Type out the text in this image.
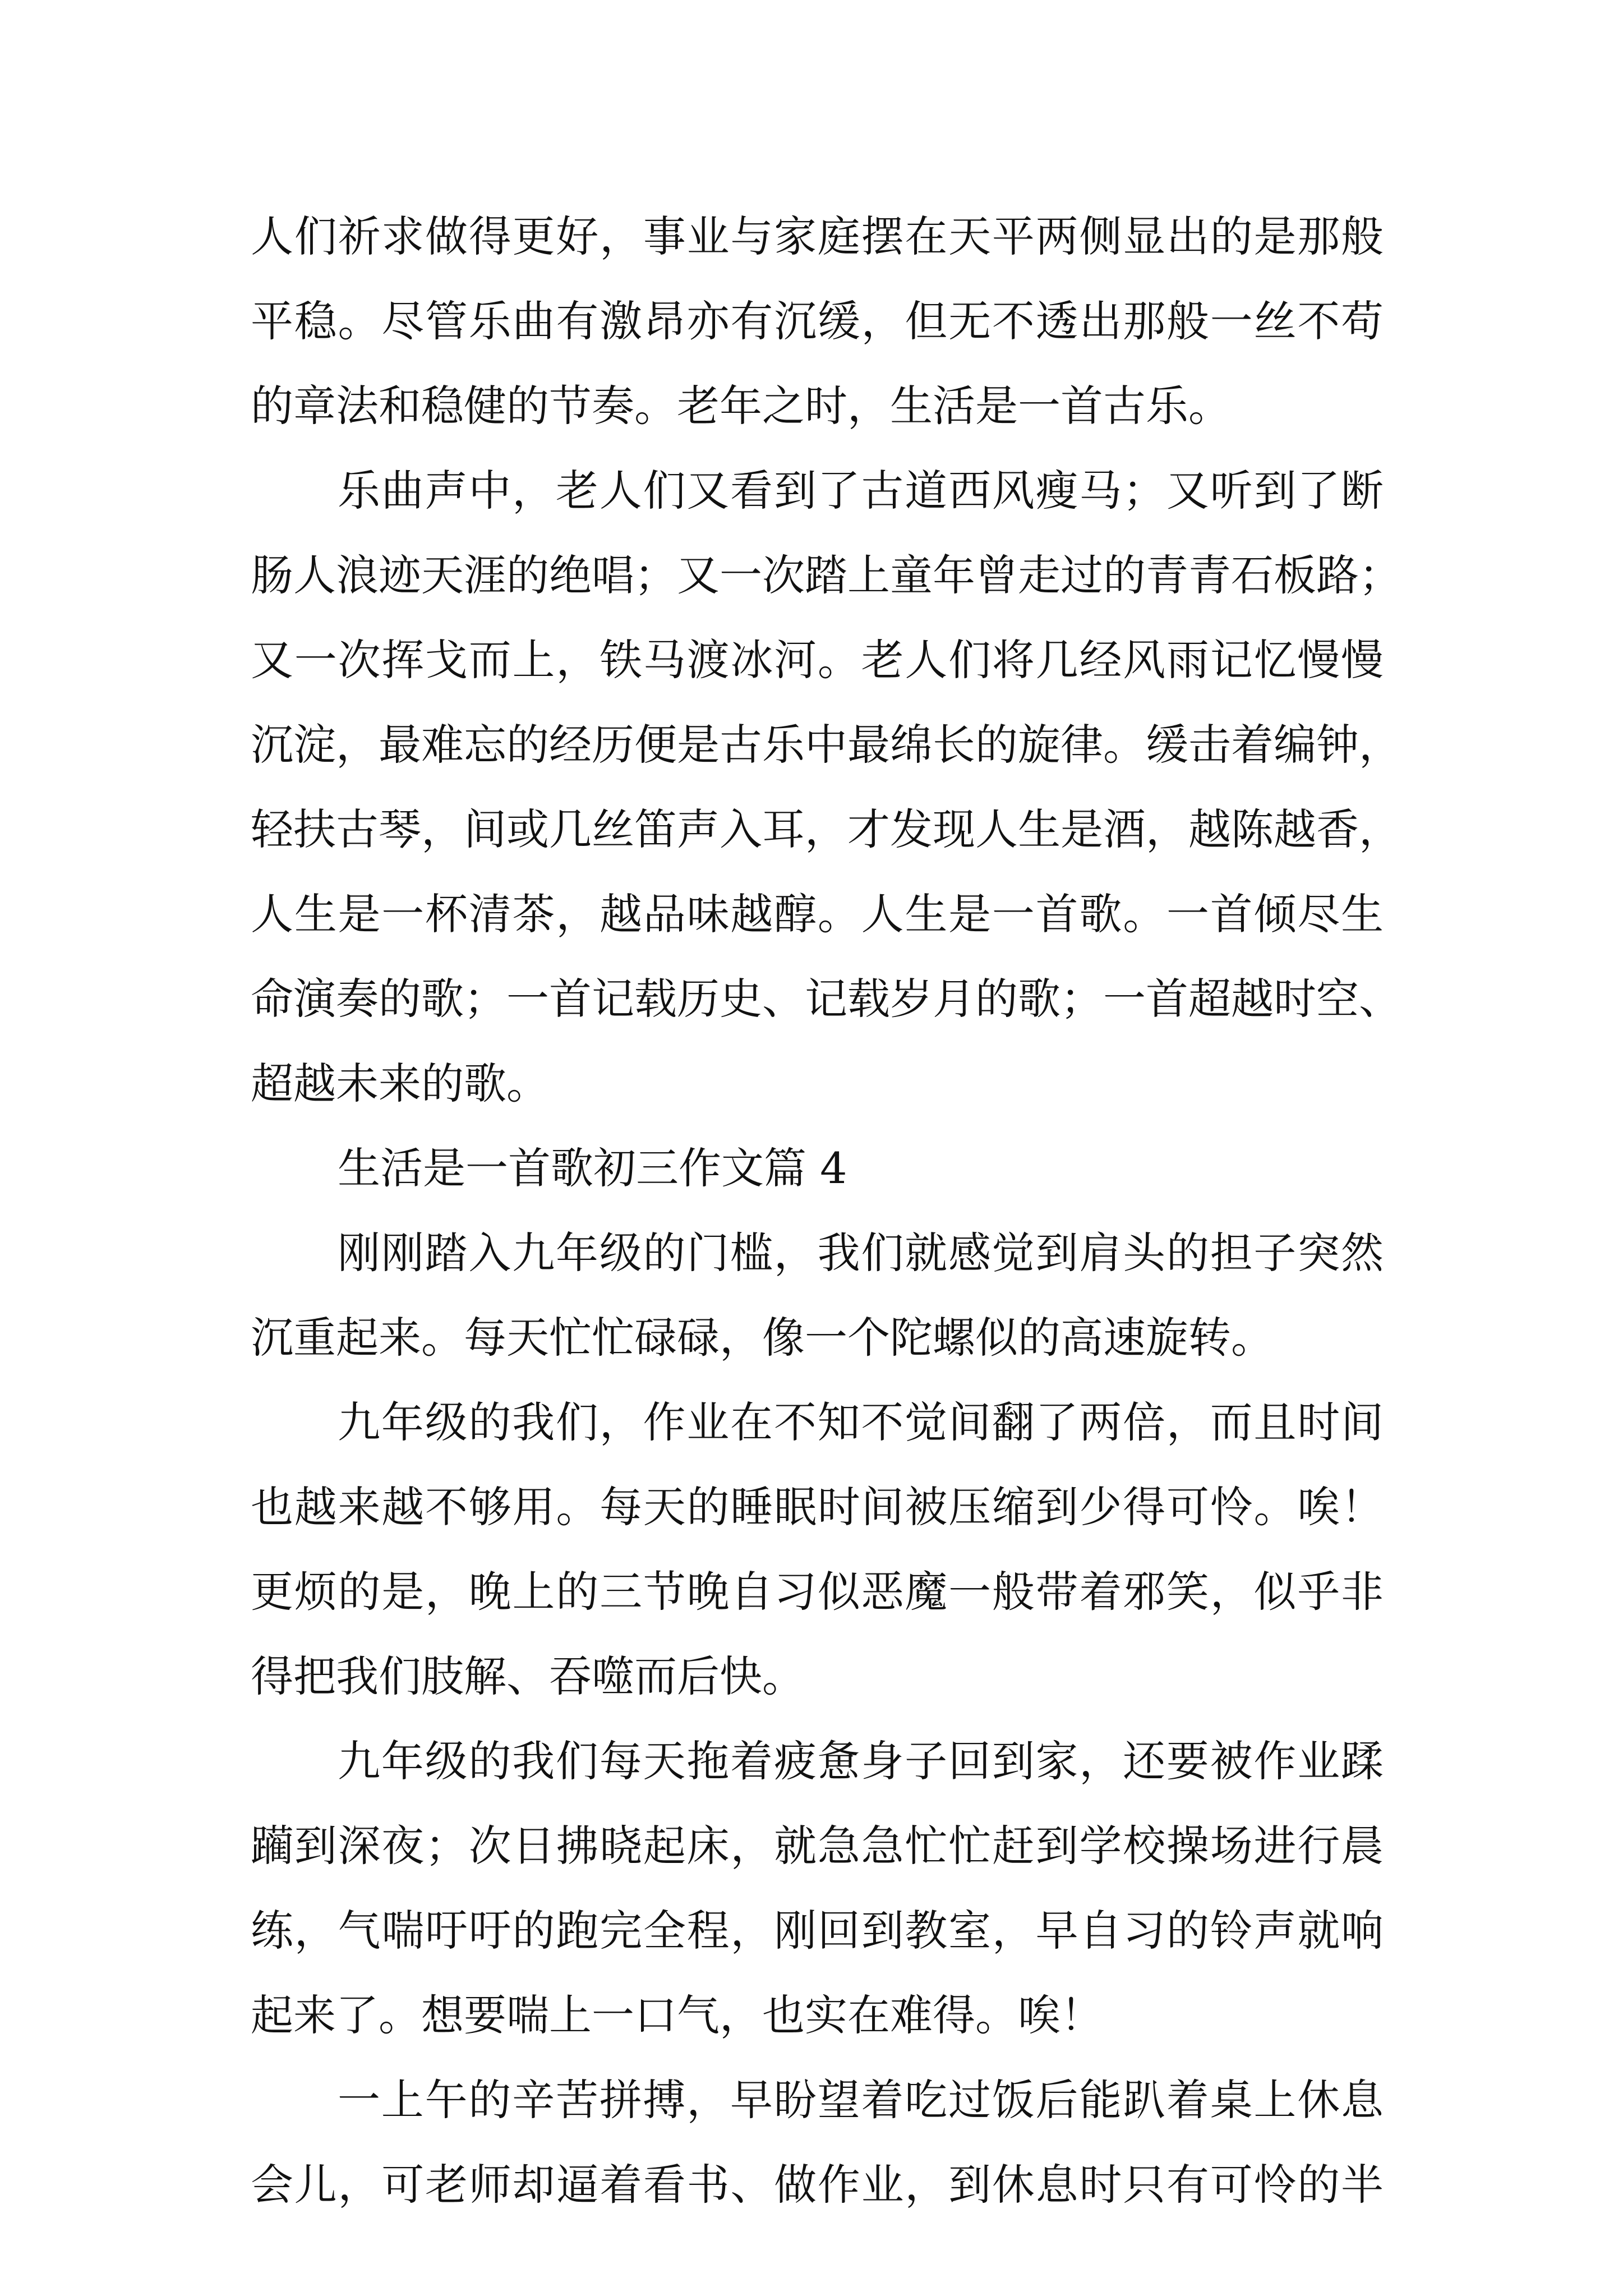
人们祈求做得更好，事业与家庭摆在天平两侧显出的是那般
平稳。尽管乐曲有激昂亦有沉缓，但无不透出那般一丝不苟
的章法和稳健的节奏。老年之时，生活是一首古乐。
乐曲声中，老人们又看到了古道西风瘦马；又听到了断
肠人浪迹天涯的绝唱；又一次踏上童年曾走过的青青石板路；
又一次挥戈而上，铁马渡冰河。老人们将几经风雨记忆慢慢
沉淀，最难忘的经历便是古乐中最绵长的旋律。缓击着编钟，
轻扶古琴，间或几丝笛声入耳，才发现人生是酒，越陈越香，
人生是一杯清茶，越品味越醇。人生是一首歌。一首倾尽生
命演奏的歌；一首记载历史、记载岁月的歌；一首超越时空、
超越未来的歌。
生活是一首歌初三作文篇 4
刚刚踏入九年级的门槛，我们就感觉到肩头的担子突然
沉重起来。每天忙忙碌碌，像一个陀螺似的高速旋转。
九年级的我们，作业在不知不觉间翻了两倍，而且时间
也越来越不够用。每天的睡眠时间被压缩到少得可怜。唉！
更烦的是，晚上的三节晚自习似恶魔一般带着邪笑，似乎非
得把我们肢解、吞噬而后快。
九年级的我们每天拖着疲惫身子回到家，还要被作业蹂
躏到深夜；次日拂晓起床，就急急忙忙赶到学校操场进行晨
练，气喘吁吁的跑完全程，刚回到教室，早自习的铃声就响
起来了。想要喘上一口气，也实在难得。唉！
一上午的辛苦拼搏，早盼望着吃过饭后能趴着桌上休息
会儿，可老师却逼着看书、做作业，到休息时只有可怜的半
